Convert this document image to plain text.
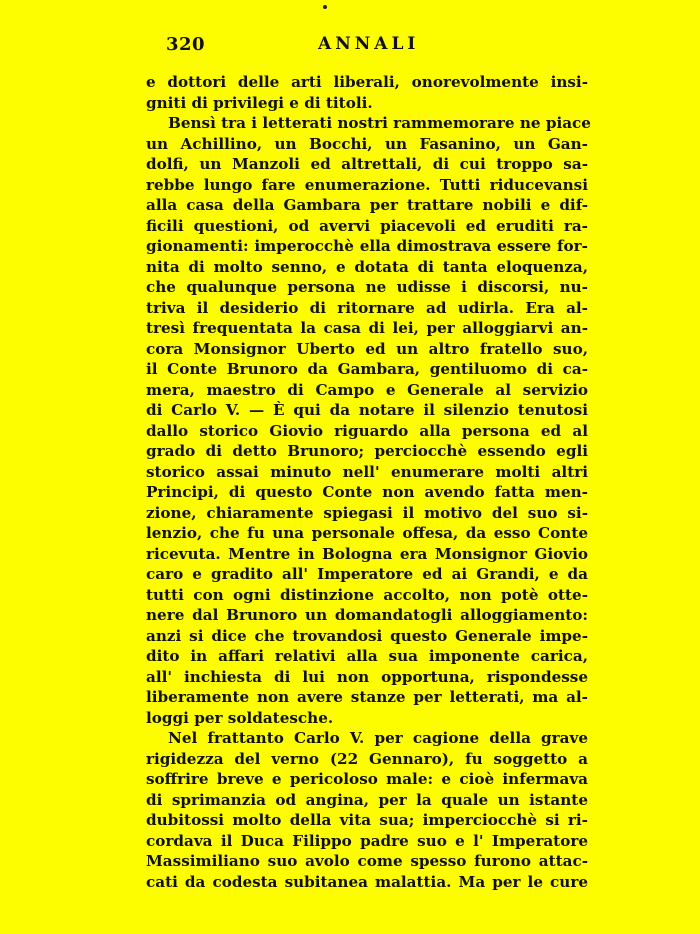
320	ANNALI
e dottori delle arti liberali, onorevolmente insi-
gniti di privilegi e di titoli.
Bensì tra i letterati nostri rammemorare ne piace
un Achillino, un Bocchi, un Fasanino, un Gan-
dolfi, un Manzoli ed altrettali, di cui troppo sa-
rebbe lungo fare enumerazione. Tutti riducevansi
alla casa della Gambara per trattare nobili e dif-
ficili questioni, od avervi piacevoli ed eruditi ra-
gionamenti: imperocchè ella dimostrava essere for-
nita di molto senno, e dotata di tanta eloquenza,
che qualunque persona ne udisse i discorsi, nu-
triva il desiderio di ritornare ad udirla. Era al-
tresì frequentata la casa di lei, per alloggiarvi an-
cora Monsignor Uberto ed un altro fratello suo,
il Conte Brunoro da Gambara, gentiluomo di ca-
mera, maestro di Campo e Generale al servizio
di Carlo V. — È qui da notare il silenzio tenutosi
dallo storico Giovio riguardo alla persona ed al
grado di detto Brunoro; perciocchè essendo egli
storico assai minuto nell' enumerare molti altri
Principi, di questo Conte non avendo fatta men-
zione, chiaramente spiegasi il motivo del suo si-
lenzio, che fu una personale offesa, da esso Conte
ricevuta. Mentre in Bologna era Monsignor Giovio
caro e gradito all' Imperatore ed ai Grandi, e da
tutti con ogni distinzione accolto, non potè otte-
nere dal Brunoro un domandatogli alloggiamento:
anzi si dice che trovandosi questo Generale impe-
dito in affari relativi alla sua imponente carica,
all' inchiesta di lui non opportuna, rispondesse
liberamente non avere stanze per letterati, ma al-
loggi per soldatesche.
Nel frattanto Carlo V. per cagione della grave
rigidezza del verno (22 Gennaro), fu soggetto a
soffrire breve e pericoloso male: e cioè infermava
di sprimanzia od angina, per la quale un istante
dubitossi molto della vita sua; imperciocchè si ri-
cordava il Duca Filippo padre suo e l' Imperatore
Massimiliano suo avolo come spesso furono attac-
cati da codesta subitanea malattia. Ma per le cure
